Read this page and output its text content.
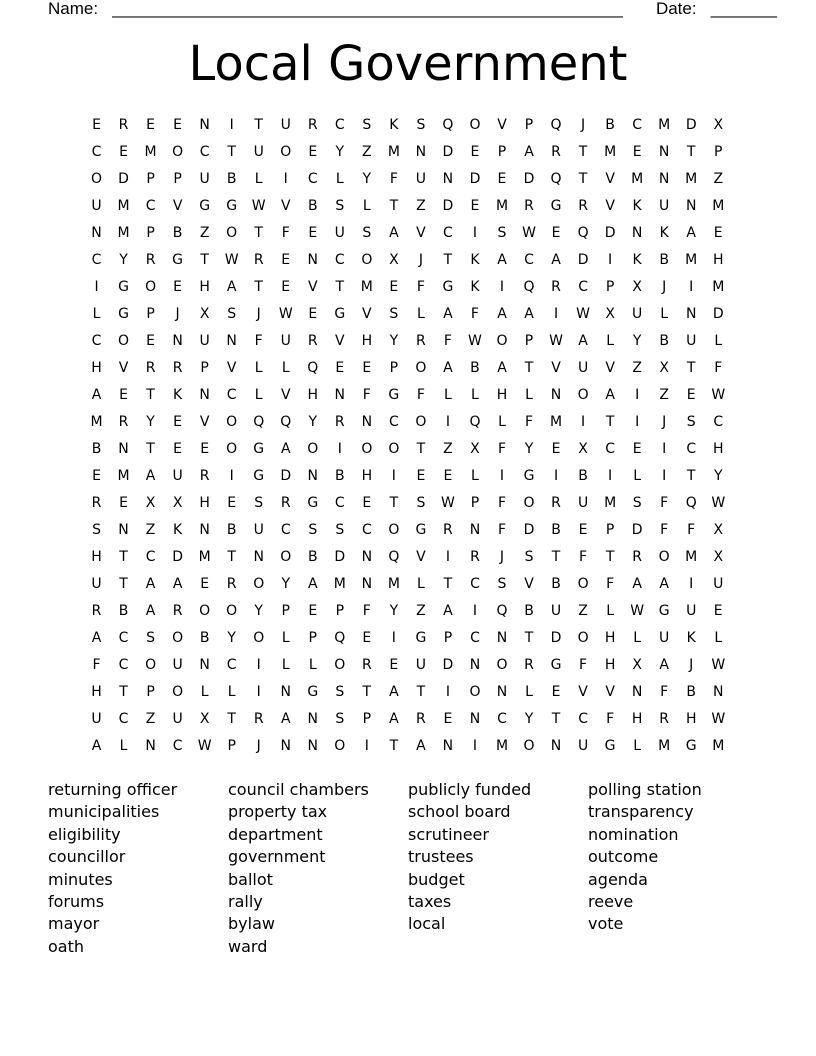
Name: ______________________________________________________ Date: _______
Local Government
E	R	E	E	N	I	T	U	R	C	S	K	S	Q	O	V	P	Q	J	B	C	M	D	X
C	E	M	O	C	T	U	O	E	Y	Z	M	N	D	E	P	A	R	T	M	E	N	T	P
O	D	P	P	U	B	L	I	C	L	Y	F	U	N	D	E	D	Q	T	V	M	N	M	Z
U	M	C	V	G	G	W	V	B	S	L	T	Z	D	E	M	R	G	R	V	K	U	N	M
N	M	P	B	Z	O	T	F	E	U	S	A	V	C	I	S	W	E	Q	D	N	K	A	E
C	Y	R	G	T	W	R	E	N	C	O	X	J	T	K	A	C	A	D	I	K	B	M	H
I	G	O	E	H	A	T	E	V	T	M	E	F	G	K	I	Q	R	C	P	X	J	I	M
L	G	P	J	X	S	J	W	E	G	V	S	L	A	F	A	A	I	W	X	U	L	N	D
C	O	E	N	U	N	F	U	R	V	H	Y	R	F	W	O	P	W	A	L	Y	B	U	L
H	V	R	R	P	V	L	L	Q	E	E	P	O	A	B	A	T	V	U	V	Z	X	T	F
A	E	T	K	N	C	L	V	H	N	F	G	F	L	L	H	L	N	O	A	I	Z	E	W
M	R	Y	E	V	O	Q	Q	Y	R	N	C	O	I	Q	L	F	M	I	T	I	J	S	C
B	N	T	E	E	O	G	A	O	I	O	O	T	Z	X	F	Y	E	X	C	E	I	C	H
E	M	A	U	R	I	G	D	N	B	H	I	E	E	L	I	G	I	B	I	L	I	T	Y
R	E	X	X	H	E	S	R	G	C	E	T	S	W	P	F	O	R	U	M	S	F	Q	W
S	N	Z	K	N	B	U	C	S	S	C	O	G	R	N	F	D	B	E	P	D	F	F	X
H	T	C	D	M	T	N	O	B	D	N	Q	V	I	R	J	S	T	F	T	R	O	M	X
U	T	A	A	E	R	O	Y	A	M	N	M	L	T	C	S	V	B	O	F	A	A	I	U
R	B	A	R	O	O	Y	P	E	P	F	Y	Z	A	I	Q	B	U	Z	L	W	G	U	E
A	C	S	O	B	Y	O	L	P	Q	E	I	G	P	C	N	T	D	O	H	L	U	K	L
F	C	O	U	N	C	I	L	L	O	R	E	U	D	N	O	R	G	F	H	X	A	J	W
H	T	P	O	L	L	I	N	G	S	T	A	T	I	O	N	L	E	V	V	N	F	B	N
U	C	Z	U	X	T	R	A	N	S	P	A	R	E	N	C	Y	T	C	F	H	R	H	W
A	L	N	C	W	P	J	N	N	O	I	T	A	N	I	M	O	N	U	G	L	M	G	M
returning officer
municipalities
eligibility
councillor
minutes
forums
mayor
oath
council chambers
property tax
department
government
ballot
rally
bylaw
ward
publicly funded
school board
scrutineer
trustees
budget
taxes
local
polling station
transparency
nomination
outcome
agenda
reeve
vote
